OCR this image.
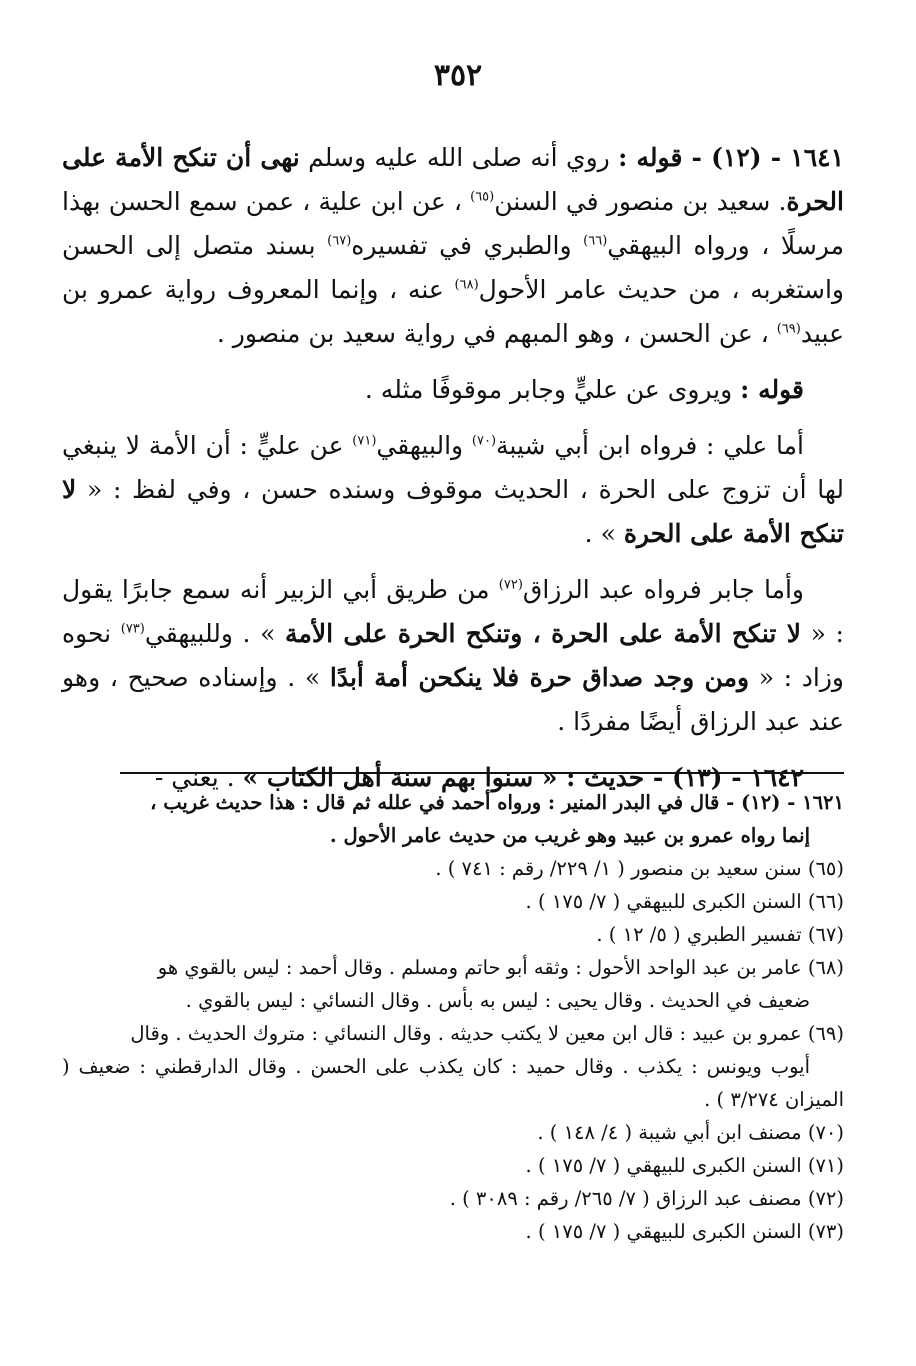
٣٥٢

١٦٤١ - (١٢) - قوله : روي أنه صلى الله عليه وسلم نهى أن تنكح الأمة على الحرة. سعيد بن منصور في السنن$^{(٦٥)}$ ، عن ابن علية ، عمن سمع الحسن بهذا مرسلًا ، ورواه البيهقي$^{(٦٦)}$ والطبري في تفسيره$^{(٦٧)}$ بسند متصل إلى الحسن واستغربه ، من حديث عامر الأحول$^{(٦٨)}$ عنه ، وإنما المعروف رواية عمرو بن عبيد$^{(٦٩)}$ ، عن الحسن ، وهو المبهم في رواية سعيد بن منصور .

قوله : ويروى عن عليٍّ وجابر موقوفًا مثله .

أما علي : فرواه ابن أبي شيبة$^{(٧٠)}$ والبيهقي$^{(٧١)}$ عن عليٍّ : أن الأمة لا ينبغي لها أن تزوج على الحرة ، الحديث موقوف وسنده حسن ، وفي لفظ : « لا تنكح الأمة على الحرة » .

وأما جابر فرواه عبد الرزاق$^{(٧٢)}$ من طريق أبي الزبير أنه سمع جابرًا يقول : « لا تنكح الأمة على الحرة ، وتنكح الحرة على الأمة » . وللبيهقي$^{(٧٣)}$ نحوه وزاد : « ومن وجد صداق حرة فلا ينكحن أمة أبدًا » . وإسناده صحيح ، وهو عند عبد الرزاق أيضًا مفردًا .

١٦٤٢ - (١٣) - حديث : « سنوا بهم سنة أهل الكتاب » . يعني -

١٦٢١ - (١٢) - قال في البدر المنير : ورواه أحمد في علله ثم قال : هذا حديث غريب ،
إنما رواه عمرو بن عبيد وهو غريب من حديث عامر الأحول .

(٦٥) سنن سعيد بن منصور ( ١/ ٢٢٩/ رقم : ٧٤١ ) .

(٦٦) السنن الكبرى للبيهقي ( ٧/ ١٧٥ ) .

(٦٧) تفسير الطبري ( ٥/ ١٢ ) .

(٦٨) عامر بن عبد الواحد الأحول : وثقه أبو حاتم ومسلم . وقال أحمد : ليس بالقوي هو
ضعيف في الحديث . وقال يحيى : ليس به بأس . وقال النسائي : ليس بالقوي .

(٦٩) عمرو بن عبيد : قال ابن معين لا يكتب حديثه . وقال النسائي : متروك الحديث . وقال
أيوب ويونس : يكذب . وقال حميد : كان يكذب على الحسن . وقال الدارقطني : ضعيف ( الميزان ٣/٢٧٤ ) .

(٧٠) مصنف ابن أبي شيبة ( ٤/ ١٤٨ ) .

(٧١) السنن الكبرى للبيهقي ( ٧/ ١٧٥ ) .

(٧٢) مصنف عبد الرزاق ( ٧/ ٢٦٥/ رقم : ٣٠٨٩ ) .

(٧٣) السنن الكبرى للبيهقي ( ٧/ ١٧٥ ) .
